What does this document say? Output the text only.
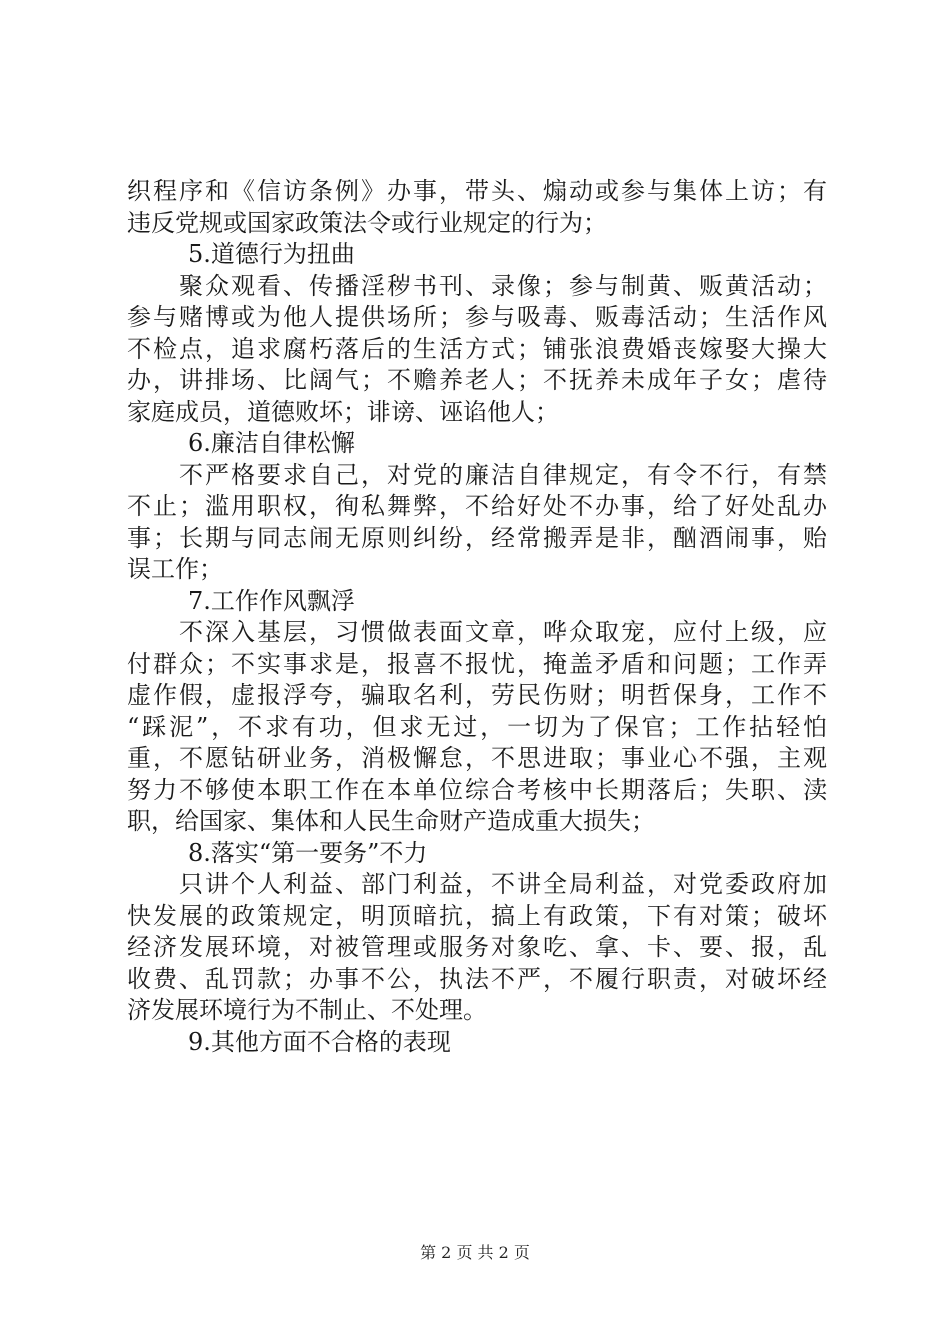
织程序和《信访条例》办事，带头、煽动或参与集体上访；有
违反党规或国家政策法令或行业规定的行为；
5.道德行为扭曲
聚众观看、传播淫秽书刊、录像；参与制黄、贩黄活动；
参与赌博或为他人提供场所；参与吸毒、贩毒活动；生活作风
不检点，追求腐朽落后的生活方式；铺张浪费婚丧嫁娶大操大
办，讲排场、比阔气；不赡养老人；不抚养未成年子女；虐待
家庭成员，道德败坏；诽谤、诬谄他人；
6.廉洁自律松懈
不严格要求自己，对党的廉洁自律规定，有令不行，有禁
不止；滥用职权，徇私舞弊，不给好处不办事，给了好处乱办
事；长期与同志闹无原则纠纷，经常搬弄是非，酗酒闹事，贻
误工作；
7.工作作风飘浮
不深入基层，习惯做表面文章，哗众取宠，应付上级，应
付群众；不实事求是，报喜不报忧，掩盖矛盾和问题；工作弄
虚作假，虚报浮夸，骗取名利，劳民伤财；明哲保身，工作不
“踩泥”，不求有功，但求无过，一切为了保官；工作拈轻怕
重，不愿钻研业务，消极懈怠，不思进取；事业心不强，主观
努力不够使本职工作在本单位综合考核中长期落后；失职、渎
职，给国家、集体和人民生命财产造成重大损失；
8.落实“第一要务”不力
只讲个人利益、部门利益，不讲全局利益，对党委政府加
快发展的政策规定，明顶暗抗，搞上有政策，下有对策；破坏
经济发展环境，对被管理或服务对象吃、拿、卡、要、报，乱
收费、乱罚款；办事不公，执法不严，不履行职责，对破坏经
济发展环境行为不制止、不处理。
9.其他方面不合格的表现
第 2 页 共 2 页
